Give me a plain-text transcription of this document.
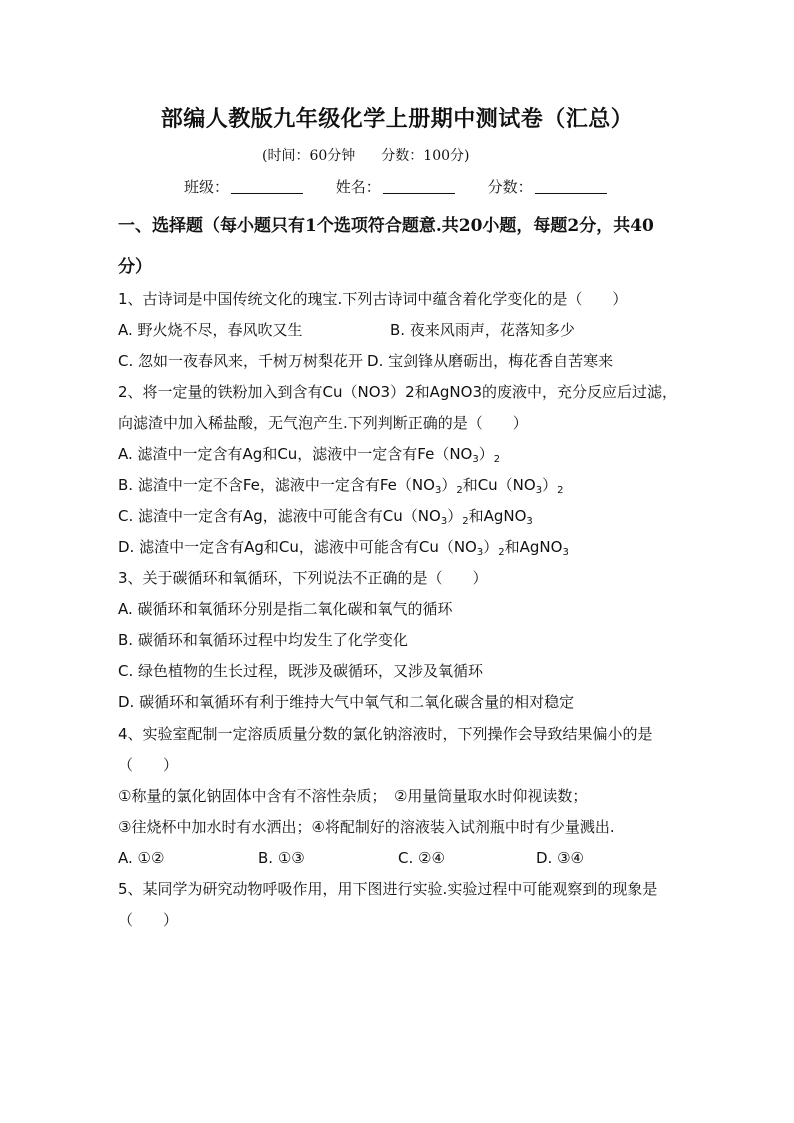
部编人教版九年级化学上册期中测试卷（汇总）
(时间：60分钟 分数：100分)
班级：	姓名：	分数：
一、选择题（每小题只有1个选项符合题意.共20小题，每题2分，共40分）
1、古诗词是中国传统文化的瑰宝.下列古诗词中蕴含着化学变化的是（　　）
A. 野火烧不尽，春风吹又生	B. 夜来风雨声，花落知多少
C. 忽如一夜春风来，千树万树梨花开 D. 宝剑锋从磨砺出，梅花香自苦寒来
2、将一定量的铁粉加入到含有Cu（NO3）2和AgNO3的废液中，充分反应后过滤，向滤渣中加入稀盐酸，无气泡产生.下列判断正确的是（　　）
A. 滤渣中一定含有Ag和Cu，滤液中一定含有$Fe(NO_3)_2$
B. 滤渣中一定不含Fe，滤液中一定含有$Fe(NO_3)_2$和$Cu(NO_3)_2$
C. 滤渣中一定含有Ag，滤液中可能含有$Cu(NO_3)_2$和AgNO$_3$
D. 滤渣中一定含有Ag和Cu，滤液中可能含有$Cu(NO_3)_2$和AgNO$_3$
3、关于碳循环和氧循环，下列说法不正确的是（　　）
A. 碳循环和氧循环分别是指二氧化碳和氧气的循环
B. 碳循环和氧循环过程中均发生了化学变化
C. 绿色植物的生长过程，既涉及碳循环，又涉及氧循环
D. 碳循环和氧循环有利于维持大气中氧气和二氧化碳含量的相对稳定
4、实验室配制一定溶质质量分数的氯化钠溶液时，下列操作会导致结果偏小的是（　　）
①称量的氯化钠固体中含有不溶性杂质；　②用量筒量取水时仰视读数；
③往烧杯中加水时有水洒出；④将配制好的溶液装入试剂瓶中时有少量溅出.
A. ①②	B. ①③	C. ②④	D. ③④
5、某同学为研究动物呼吸作用，用下图进行实验.实验过程中可能观察到的现象是（　　）
